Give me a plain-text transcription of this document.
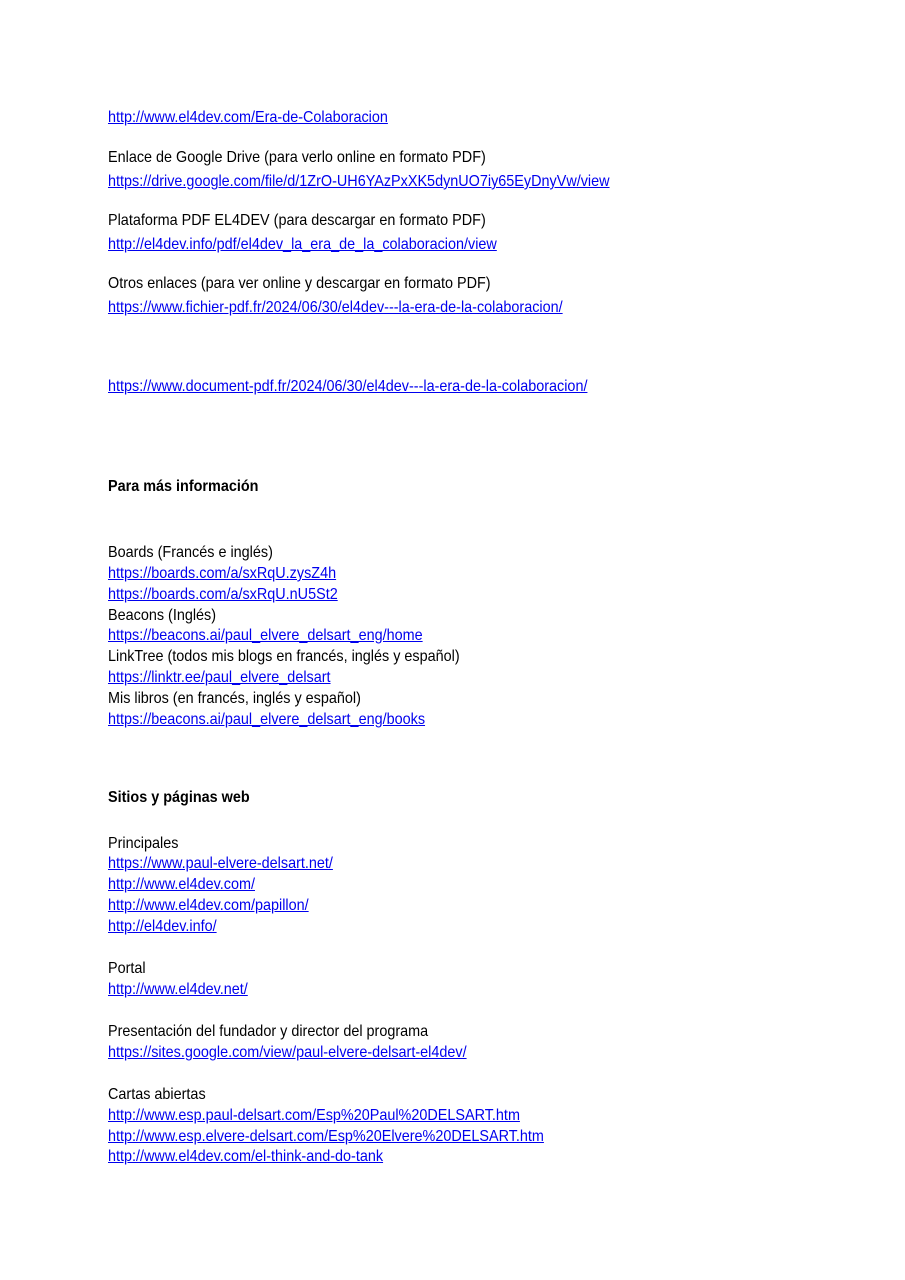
http://www.el4dev.com/Era-de-Colaboracion
Enlace de Google Drive (para verlo online en formato PDF)
https://drive.google.com/file/d/1ZrO-UH6YAzPxXK5dynUO7iy65EyDnyVw/view
Plataforma PDF EL4DEV (para descargar en formato PDF)
http://el4dev.info/pdf/el4dev_la_era_de_la_colaboracion/view
Otros enlaces (para ver online y descargar en formato PDF)
https://www.fichier-pdf.fr/2024/06/30/el4dev---la-era-de-la-colaboracion/
https://www.document-pdf.fr/2024/06/30/el4dev---la-era-de-la-colaboracion/
Para más información
Boards (Francés e inglés)
https://boards.com/a/sxRqU.zysZ4h
https://boards.com/a/sxRqU.nU5St2
Beacons (Inglés)
https://beacons.ai/paul_elvere_delsart_eng/home
LinkTree (todos mis blogs en francés, inglés y español)
https://linktr.ee/paul_elvere_delsart
Mis libros (en francés, inglés y español)
https://beacons.ai/paul_elvere_delsart_eng/books
Sitios y páginas web
Principales
https://www.paul-elvere-delsart.net/
http://www.el4dev.com/
http://www.el4dev.com/papillon/
http://el4dev.info/
Portal
http://www.el4dev.net/
Presentación del fundador y director del programa
https://sites.google.com/view/paul-elvere-delsart-el4dev/
Cartas abiertas
http://www.esp.paul-delsart.com/Esp%20Paul%20DELSART.htm
http://www.esp.elvere-delsart.com/Esp%20Elvere%20DELSART.htm
http://www.el4dev.com/el-think-and-do-tank
